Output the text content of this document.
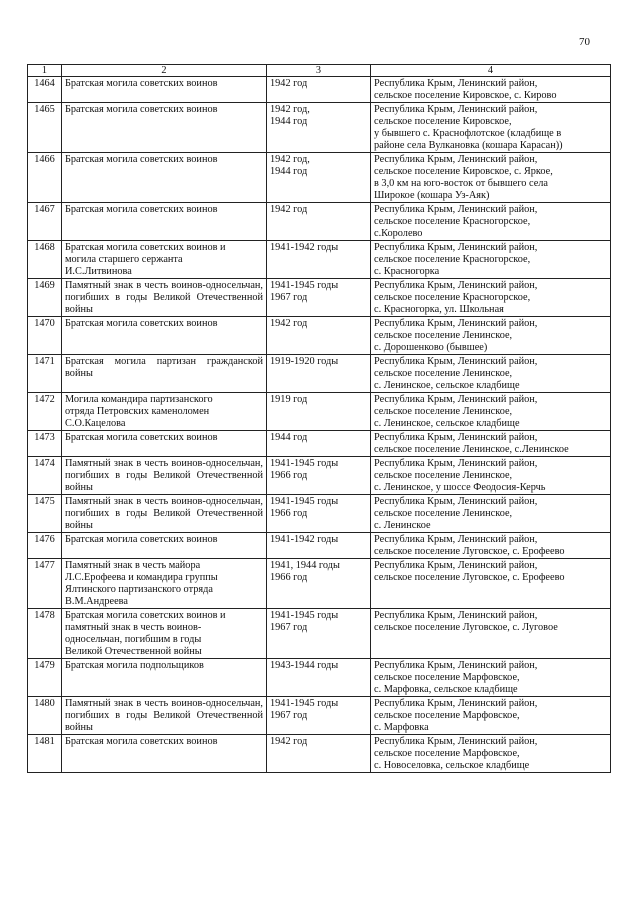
70
1	2	3	4
1464	Братская могила советских воинов	1942 год	Республика Крым, Ленинский район,
сельское поселение Кировское, с. Кирово
1465	Братская могила советских воинов	1942 год,
1944 год	Республика Крым, Ленинский район,
сельское поселение Кировское,
у бывшего с. Краснофлотское (кладбище в
районе села Вулкановка (кошара Карасан))
1466	Братская могила советских воинов	1942 год,
1944 год	Республика Крым, Ленинский район,
сельское поселение Кировское, с. Яркое,
в 3,0 км на юго-восток от бывшего села
Широкое (кошара Уз-Аяк)
1467	Братская могила советских воинов	1942 год	Республика Крым, Ленинский район,
сельское поселение Красногорское,
с.Королево
1468	Братская могила советских воинов и
могила старшего сержанта
И.С.Литвинова	1941-1942 годы	Республика Крым, Ленинский район,
сельское поселение Красногорское,
с. Красногорка
1469	Памятный знак в честь воинов-односельчан, погибших в годы Великой Отечественной войны	1941-1945 годы
1967 год	Республика Крым, Ленинский район,
сельское поселение Красногорское,
с. Красногорка, ул. Школьная
1470	Братская могила советских воинов	1942 год	Республика Крым, Ленинский район,
сельское поселение Ленинское,
с. Дорошенково (бывшее)
1471	Братская могила партизан гражданской войны	1919-1920 годы	Республика Крым, Ленинский район,
сельское поселение Ленинское,
с. Ленинское, сельское кладбище
1472	Могила командира партизанского
отряда Петровских каменоломен
С.О.Кацелова	1919 год	Республика Крым, Ленинский район,
сельское поселение Ленинское,
с. Ленинское, сельское кладбище
1473	Братская могила советских воинов	1944 год	Республика Крым, Ленинский район,
сельское поселение Ленинское, с.Ленинское
1474	Памятный знак в честь воинов-односельчан, погибших в годы Великой Отечественной войны	1941-1945 годы
1966 год	Республика Крым, Ленинский район,
сельское поселение Ленинское,
с. Ленинское, у шоссе Феодосия-Керчь
1475	Памятный знак в честь воинов-односельчан, погибших в годы Великой Отечественной войны	1941-1945 годы
1966 год	Республика Крым, Ленинский район,
сельское поселение Ленинское,
с. Ленинское
1476	Братская могила советских воинов	1941-1942 годы	Республика Крым, Ленинский район,
сельское поселение Луговское, с. Ерофеево
1477	Памятный знак в честь майора
Л.С.Ерофеева и командира группы
Ялтинского партизанского отряда
В.М.Андреева	1941, 1944 годы
1966 год	Республика Крым, Ленинский район,
сельское поселение Луговское, с. Ерофеево
1478	Братская могила советских воинов и
памятный знак в честь воинов-
односельчан, погибшим в годы
Великой Отечественной войны	1941-1945 годы
1967 год	Республика Крым, Ленинский район,
сельское поселение Луговское, с. Луговое
1479	Братская могила подпольщиков	1943-1944 годы	Республика Крым, Ленинский район,
сельское поселение Марфовское,
с. Марфовка, сельское кладбище
1480	Памятный знак в честь воинов-односельчан, погибших в годы Великой Отечественной войны	1941-1945 годы
1967 год	Республика Крым, Ленинский район,
сельское поселение Марфовское,
с. Марфовка
1481	Братская могила советских воинов	1942 год	Республика Крым, Ленинский район,
сельское поселение Марфовское,
с. Новоселовка, сельское кладбище
